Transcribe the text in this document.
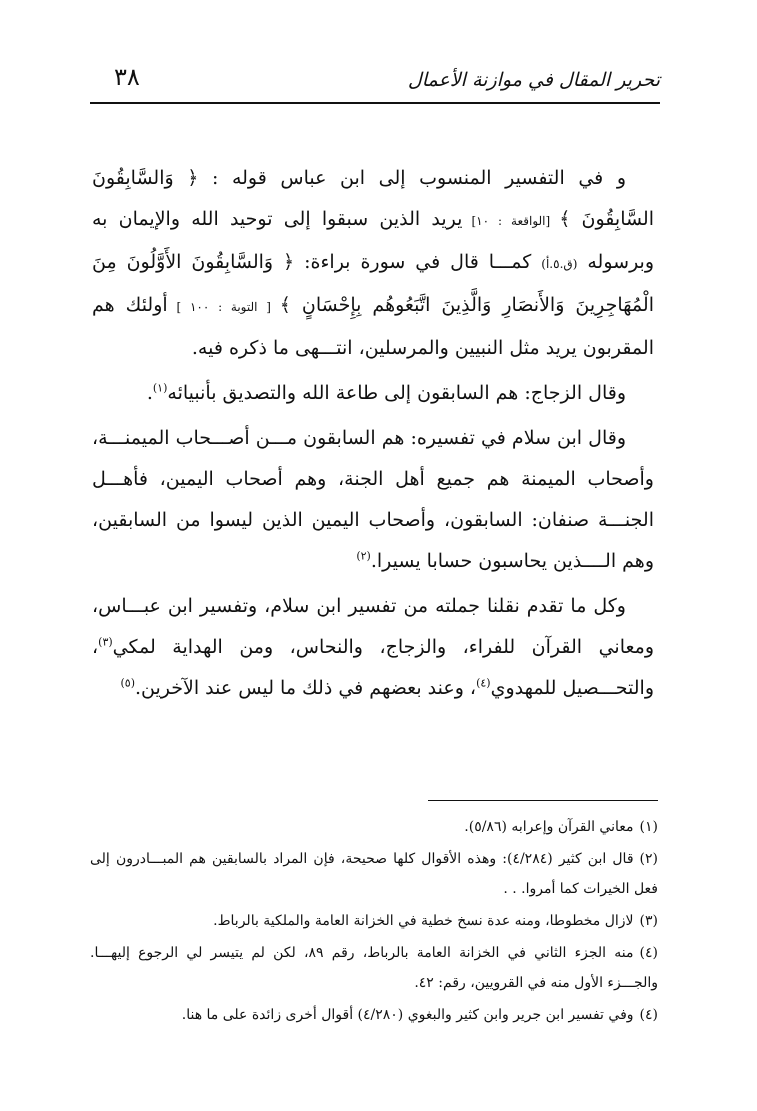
٣٨	تحرير المقال في موازنة الأعمال

و في التفسير المنسوب إلى ابن عباس قوله : ﴿ وَالسَّابِقُونَ السَّابِقُونَ ﴾ [الواقعة : ١٠] يريد الذين سبقوا إلى توحيد الله والإيمان به وبرسوله (ق.٥.أ) كمـــا قال في سورة براءة: ﴿ وَالسَّابِقُونَ الأَوَّلُونَ مِنَ الْمُهَاجِرِينَ وَالأَنصَارِ وَالَّذِينَ اتَّبَعُوهُم بِإِحْسَانٍ ﴾ [ التوبة : ١٠٠ ] أولئك هم المقربون يريد مثل النبيين والمرسلين، انتـــهى ما ذكره فيه.

وقال الزجاج: هم السابقون إلى طاعة الله والتصديق بأنبيائه$^{(١)}$.

وقال ابن سلام في تفسيره: هم السابقون مـــن أصـــحاب الميمنـــة، وأصحاب الميمنة هم جميع أهل الجنة، وهم أصحاب اليمين، فأهـــل الجنـــة صنفان: السابقون، وأصحاب اليمين الذين ليسوا من السابقين، وهم الــــذين يحاسبون حسابا يسيرا.$^{(٢)}$

وكل ما تقدم نقلنا جملته من تفسير ابن سلام، وتفسير ابن عبـــاس، ومعاني القرآن للفراء، والزجاج، والنحاس، ومن الهداية لمكي$^{(٣)}$، والتحـــصيل للمهدوي$^{(٤)}$، وعند بعضهم في ذلك ما ليس عند الآخرين.$^{(٥)}$

(١)معاني القرآن وإعرابه (٥/٨٦).
(٢)قال ابن كثير (٤/٢٨٤): وهذه الأقوال كلها صحيحة، فإن المراد بالسابقين هم المبـــادرون إلى فعل الخيرات كما أمروا. . .
(٣)لازال مخطوطا، ومنه عدة نسخ خطية في الخزانة العامة والملكية بالرباط.
(٤)منه الجزء الثاني في الخزانة العامة بالرباط، رقم ٨٩، لكن لم يتيسر لي الرجوع إليهـــا. والجـــزء الأول منه في القرويين، رقم: ٤٢.
(٤)وفي تفسير ابن جرير وابن كثير والبغوي (٤/٢٨٠) أقوال أخرى زائدة على ما هنا.
